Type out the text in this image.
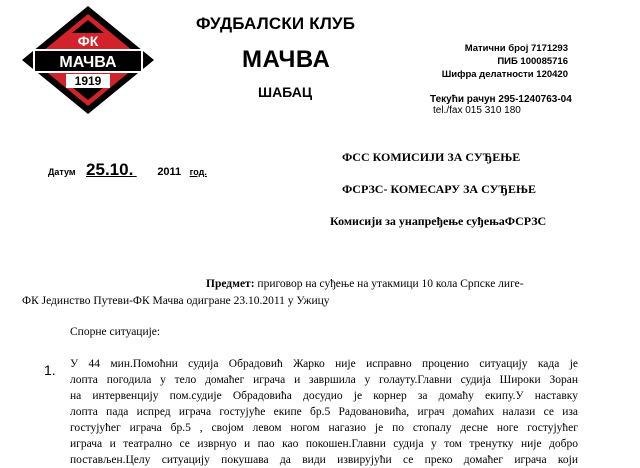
ФК
МАЧВА
1919
ФУДБАЛСКИ КЛУБ
МАЧВА
ШАБАЦ
Матични број 7171293
ПИБ 100085716
Шифра делатности 120420
Текући рачун 295-1240763-04
tel./fax 015 310 180
Датум 25.10. 2011 год.
ФСС КОМИСИЈИ ЗА СУЂЕЊЕ
ФСРЗС- КОМЕСАРУ ЗА СУЂЕЊЕ
Комисији за унапређење суђењаФСРЗС
Предмет: приговор на суђење на утакмици 10 кола Српске лиге-
ФК Јединство Путеви-ФК Мачва одигране 23.10.2011 у Ужицу
Спорне ситуације:
1. У 44 мин.Помоћни судија Обрадовић Жарко није исправно проценио ситуацију када је
лопта погодила у тело домаћег играча и завршила у голауту.Главни судија Широки Зоран
на интервенцију пом.судије Обрадовића досудио је корнер за домаћу екипу.У наставку
лопта пада испред играча гостујуће екипе бр.5 Радовановића, играч домаћих налази се иза
гостујућег играча бр.5 , својом левом ногом нагазио је по стопалу десне ноге гостујућег
играча и театрално се изврнуо и пао као покошен.Главни судија у том тренутку није добро
постављен.Целу ситуацију покушава да види извирујући се преко домаћег играча који
